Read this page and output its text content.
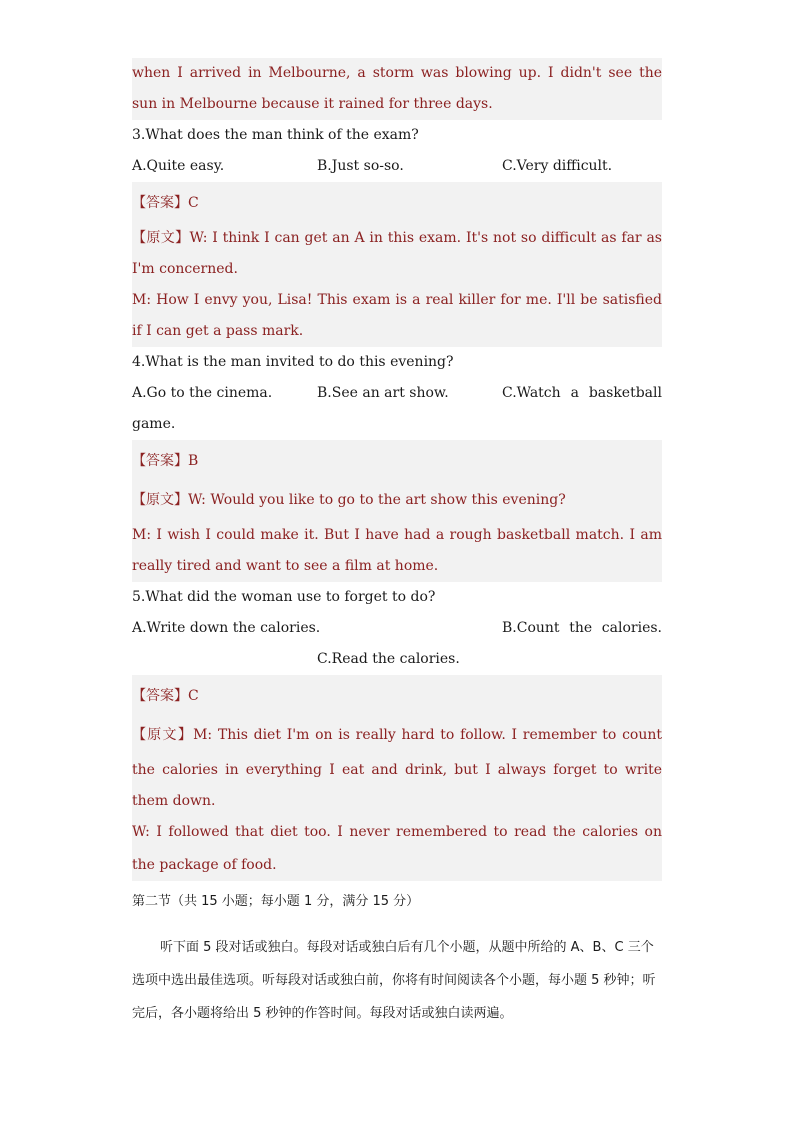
when I arrived in Melbourne, a storm was blowing up. I didn't see the
sun in Melbourne because it rained for three days.
3.What does the man think of the exam?
A.Quite easy.	B.Just so-so.	C.Very difficult.
【答案】C
【原文】W: I think I can get an A in this exam. It's not so difficult as far as
I'm concerned.
M: How I envy you, Lisa! This exam is a real killer for me. I'll be satisfied
if I can get a pass mark.
4.What is the man invited to do this evening?
A.Go to the cinema.	B.See an art show.	C.Watch a basketball
game.
【答案】B
【原文】W: Would you like to go to the art show this evening?
M: I wish I could make it. But I have had a rough basketball match. I am
really tired and want to see a film at home.
5.What did the woman use to forget to do?
A.Write down the calories.	B.Count the calories.
C.Read the calories.
【答案】C
【原文】M: This diet I'm on is really hard to follow. I remember to count
the calories in everything I eat and drink, but I always forget to write
them down.
W: I followed that diet too. I never remembered to read the calories on
the package of food.
第二节（共 15 小题；每小题 1 分，满分 15 分）
听下面 5 段对话或独白。每段对话或独白后有几个小题，从题中所给的 A、B、C 三个选项中选出最佳选项。听每段对话或独白前，你将有时间阅读各个小题，每小题 5 秒钟；听完后，各小题将给出 5 秒钟的作答时间。每段对话或独白读两遍。
